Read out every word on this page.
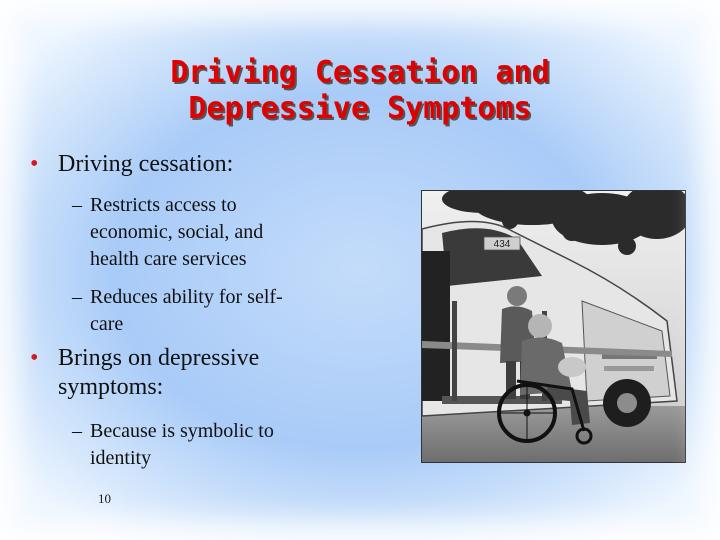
Driving Cessation and
Depressive Symptoms
• Driving cessation:
– Restricts access to
economic, social, and
health care services
– Reduces ability for self-
care
• Brings on depressive
symptoms:
– Because is symbolic to
identity
10
434
